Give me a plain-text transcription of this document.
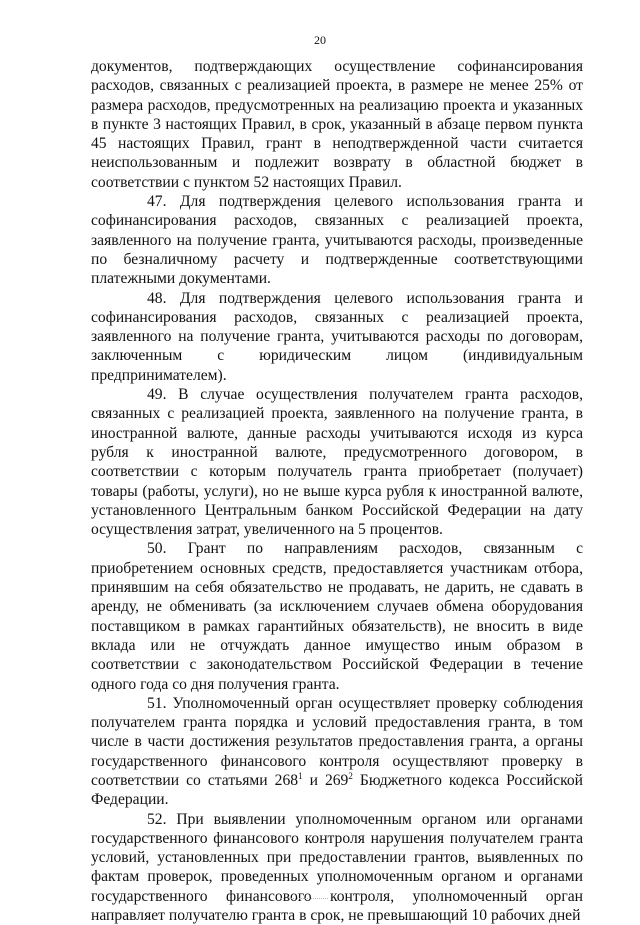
20

документов, подтверждающих осуществление софинансирования расходов, связанных с реализацией проекта, в размере не менее 25% от размера расходов, предусмотренных на реализацию проекта и указанных в пункте 3 настоящих Правил, в срок, указанный в абзаце первом пункта 45 настоящих Правил, грант в неподтвержденной части считается неиспользованным и подлежит возврату в областной бюджет в соответствии с пунктом 52 настоящих Правил.

47. Для подтверждения целевого использования гранта и софинансирования расходов, связанных с реализацией проекта, заявленного на получение гранта, учитываются расходы, произведенные по безналичному расчету и подтвержденные соответствующими платежными документами.

48. Для подтверждения целевого использования гранта и софинансирования расходов, связанных с реализацией проекта, заявленного на получение гранта, учитываются расходы по договорам, заключенным с юридическим лицом (индивидуальным предпринимателем).

49. В случае осуществления получателем гранта расходов, связанных с реализацией проекта, заявленного на получение гранта, в иностранной валюте, данные расходы учитываются исходя из курса рубля к иностранной валюте, предусмотренного договором, в соответствии с которым получатель гранта приобретает (получает) товары (работы, услуги), но не выше курса рубля к иностранной валюте, установленного Центральным банком Российской Федерации на дату осуществления затрат, увеличенного на 5 процентов.

50. Грант по направлениям расходов, связанным с приобретением основных средств, предоставляется участникам отбора, принявшим на себя обязательство не продавать, не дарить, не сдавать в аренду, не обменивать (за исключением случаев обмена оборудования поставщиком в рамках гарантийных обязательств), не вносить в виде вклада или не отчуждать данное имущество иным образом в соответствии с законодательством Российской Федерации в течение одного года со дня получения гранта.

51. Уполномоченный орган осуществляет проверку соблюдения получателем гранта порядка и условий предоставления гранта, в том числе в части достижения результатов предоставления гранта, а органы государственного финансового контроля осуществляют проверку в соответствии со статьями $268^1$ и $269^2$ Бюджетного кодекса Российской Федерации.

52. При выявлении уполномоченным органом или органами государственного финансового контроля нарушения получателем гранта условий, установленных при предоставлении грантов, выявленных по фактам проверок, проведенных уполномоченным органом и органами государственного финансового контроля, уполномоченный орган направляет получателю гранта в срок, не превышающий 10 рабочих дней
